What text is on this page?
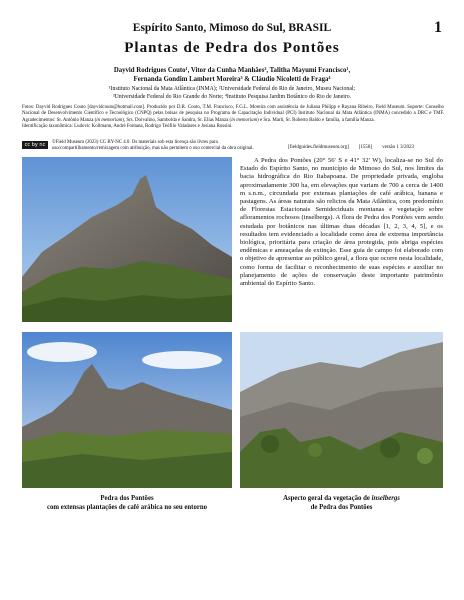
Espírito Santo, Mimoso do Sul, BRASIL	1
Plantas de Pedra dos Pontões
Dayvid Rodrigues Couto¹, Vitor da Cunha Manhães², Talitha Mayumi Francisco¹,
Fernanda Gondim Lambert Moreira³ & Cláudio Nicoletti de Fraga⁴
¹Instituto Nacional da Mata Atlântica (INMA); ²Universidade Federal do Rio de Janeiro, Museu Nacional;
³Universidade Federal do Rio Grande do Norte; ⁴Instituto Pesquisa Jardim Botânico do Rio de Janeiro.
Fotos: Dayvid Rodrigues Couto [dayvidcouto@hotmail.com]. Produzido por D.R. Couto, T.M. Francisco, F.G.L. Moreira com assistência de Juliana Philipp e Rayana Ribeiro, Field Museum. Suporte: Conselho Nacional de Desenvolvimento Científico e Tecnológico (CNPQ) pelas bolsas de pesquisa no Programa de Capacitação Individual (PCI) Instituto Nacional da Mata Atlântica (INMA) concedido a DRC e TMF. Agradecimentos: Sr. Antônio Manza (in memoriam), Srs. Dorvalino, Sambolda e Sandra, Sr. Elias Manza (in memoriam) e Sra. Marli, Sr. Roberto Baldo e família, a família Manza.
Identificação taxonômica: Ludovic Kollmann, André Fontana, Rodrigo Teófilo Valadares e Josiana Rossini.
cc by nc	©Field Museum (2023) CC BY-NC 4.0. Os materiais sob esta licença são livres para uso/compartilhamento/remixagem com atribuição, mas não permitem o uso comercial da obra original.	[fieldguides.fieldmuseum.org] [1558] versão 1 3/2023
A Pedra dos Pontões (20° 56' S e 41° 32' W), localiza-se no Sul do Estado do Espírito Santo, no município de Mimoso do Sul, nos limites da bacia hidrográfica do Rio Itabapoana. De propriedade privada, engloba aproximadamente 300 ha, em elevações que variam de 700 a cerca de 1400 m s.n.m., circundada por extensas plantações de café arábica, banana e pastagens. As áreas naturais são relictos da Mata Atlântica, com predomínio de Florestas Estacionais Semideciduais montanas e vegetação sobre afloramentos rochosos (inselbergs). A flora de Pedra dos Pontões vem sendo estudada por botânicos nas últimas duas décadas [1, 2, 3, 4, 5], e os resultados tem evidenciado a localidade como área de extrema importância biológica, prioritária para criação de área protegida, pois abriga espécies endêmicas e ameaçadas de extinção. Esse guia de campo foi elaborado com o objetivo de apresentar ao público geral, a flora que ocorre nesta localidade, como forma de facilitar o reconhecimento de suas espécies e auxiliar no planejamento de ações de conservação deste importante patrimônio ambiental do Espírito Santo.
Pedra dos Pontões
com extensas plantações de café arábica no seu entorno
Aspecto geral da vegetação de inselbergs
de Pedra dos Pontões
